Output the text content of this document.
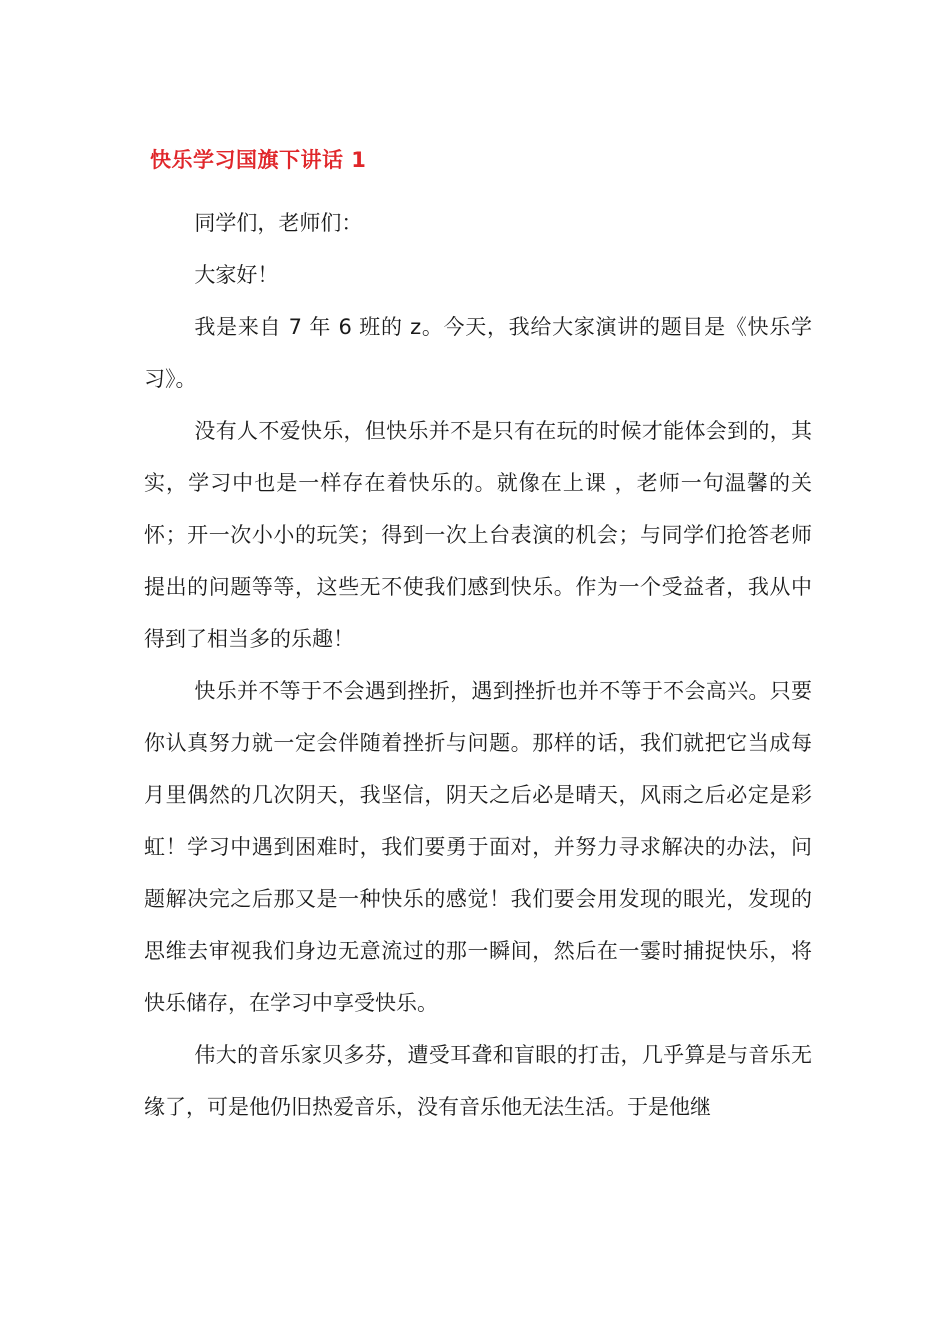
快乐学习国旗下讲话 1

同学们，老师们：

大家好！

我是来自 7 年 6 班的 z。今天，我给大家演讲的题目是《快乐学习》。

没有人不爱快乐，但快乐并不是只有在玩的时候才能体会到的，其实，学习中也是一样存在着快乐的。就像在上课 ，老师一句温馨的关怀；开一次小小的玩笑；得到一次上台表演的机会；与同学们抢答老师提出的问题等等，这些无不使我们感到快乐。作为一个受益者，我从中得到了相当多的乐趣！

快乐并不等于不会遇到挫折，遇到挫折也并不等于不会高兴。只要你认真努力就一定会伴随着挫折与问题。那样的话，我们就把它当成每月里偶然的几次阴天，我坚信，阴天之后必是晴天，风雨之后必定是彩虹！学习中遇到困难时，我们要勇于面对，并努力寻求解决的办法，问题解决完之后那又是一种快乐的感觉！我们要会用发现的眼光，发现的思维去审视我们身边无意流过的那一瞬间，然后在一霎时捕捉快乐，将快乐储存，在学习中享受快乐。

伟大的音乐家贝多芬，遭受耳聋和盲眼的打击，几乎算是与音乐无缘了，可是他仍旧热爱音乐，没有音乐他无法生活。于是他继
